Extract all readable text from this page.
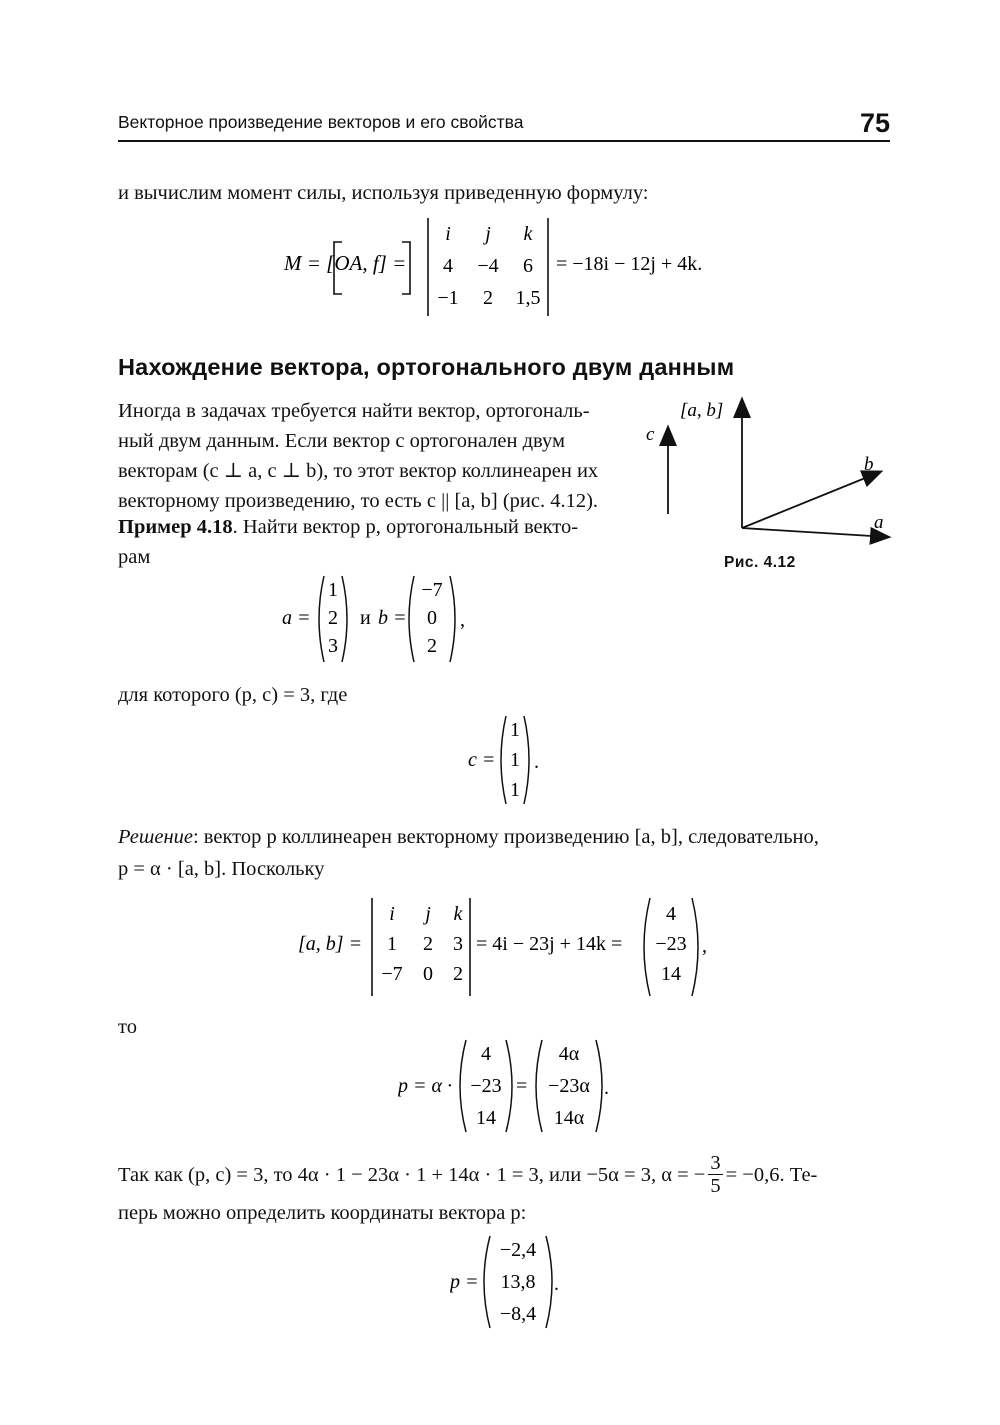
Векторное произведение векторов и его свойства	75
и вычислим момент силы, используя приведенную формулу:
M = [OA, f] =
i j k
4 −4 6
−1 2 1,5
= −18i − 12j + 4k.
Нахождение вектора, ортогонального двум данным
Иногда в задачах требуется найти вектор, ортогональ-
ный двум данным. Если вектор c ортогонален двум
векторам (c ⊥ a, c ⊥ b), то этот вектор коллинеарен их
векторному произведению, то есть c || [a, b] (рис. 4.12).
Пример 4.18. Найти вектор p, ортогональный векто-
рам
c
[a, b]
b
a
Рис. 4.12
a =
1
2
3
и b =
−7
0
2
,
для которого (p, c) = 3, где
c =
1
1
1
.
Решение: вектор p коллинеарен векторному произведению [a, b], следовательно,
p = α · [a, b]. Поскольку
[a, b] =
i j k
1 2 3
−7 0 2
= 4i − 23j + 14k =
4
−23
14
,
то
p = α ·
4
−23
14
=
4α
−23α
14α
.
Так как (p, c) = 3, то 4α · 1 − 23α · 1 + 14α · 1 = 3, или −5α = 3, α = − $\frac{3}{5} = -0,6$. Те-
перь можно определить координаты вектора p:
p =
−2,4
13,8
−8,4
.
